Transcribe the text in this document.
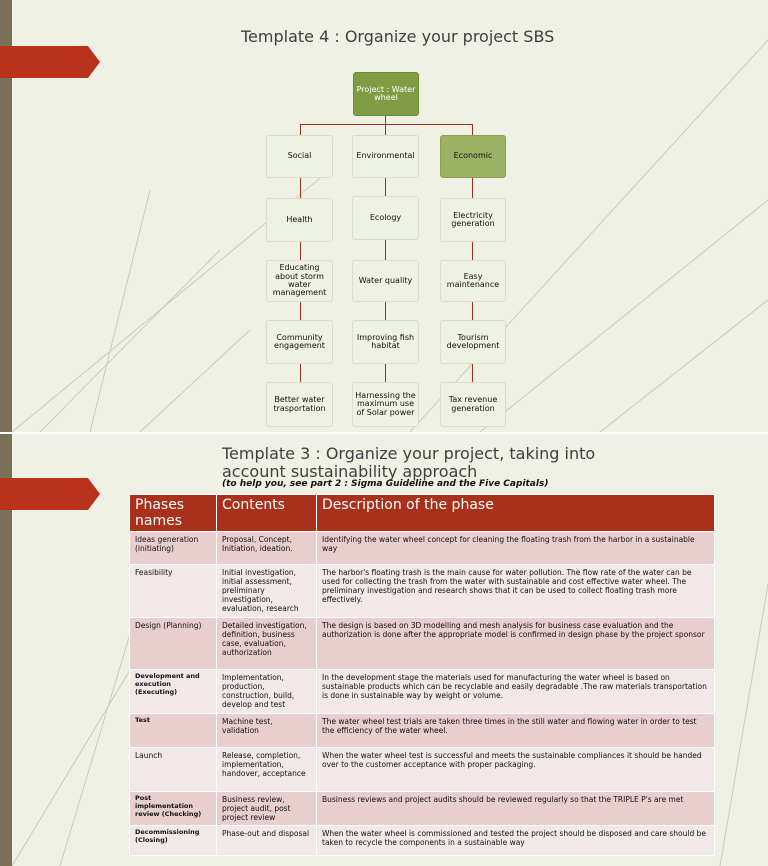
Template 4 : Organize your project SBS
Project : Water wheel
Social	Environmental	Economic
Health
Educating about storm water management
Community engagement
Better water trasportation
Ecology
Water quality
Improving fish habitat
Harnessing the maximum use of Solar power
Electricity generation
Easy maintenance
Tourism development
Tax revenue generation
Template 3 : Organize your project, taking into account sustainability approach
(to help you, see part 2 : Sigma Guideline and the Five Capitals)
Phases names	Contents	Description of the phase
Ideas generation (initiating)	Proposal, Concept, Initiation, ideation.	Identifying the water wheel concept for cleaning the floating trash from the harbor in a sustainable way
Feasibility	Initial investigation, initial assessment, preliminary investigation, evaluation, research	The harbor's floating trash is the main cause for water pollution. The flow rate of the water can be used for collecting the trash from the water with sustainable and cost effective water wheel. The preliminary investigation and research shows that it can be used to collect floating trash more effectively.
Design (Planning)	Detailed investigation, definition, business case, evaluation, authorization	The design is based on 3D modelling and mesh analysis for business case evaluation and the authorization is done after the appropriate model is confirmed in design phase by the project sponsor
Development and execution (Executing)	Implementation, production, construction, build, develop and test	In the development stage the materials used for manufacturing the water wheel is based on sustainable products which can be recyclable and easily degradable .The raw materials transportation is done in sustainable way by weight or volume.
Test	Machine test, validation	The water wheel test trials are taken three times in the still water and flowing water in order to test the efficiency of the water wheel.
Launch	Release, completion, implementation, handover, acceptance	When the water wheel test is successful and meets the sustainable compliances it should be handed over to the customer acceptance with proper packaging.
Post implementation review (Checking)	Business review, project audit, post project review	Business reviews and project audits should be reviewed regularly so that the TRIPLE P's are met
Decommissioning (Closing)	Phase-out and disposal	When the water wheel is commissioned and tested the project should be disposed and care should be taken to recycle the components in a sustainable way
